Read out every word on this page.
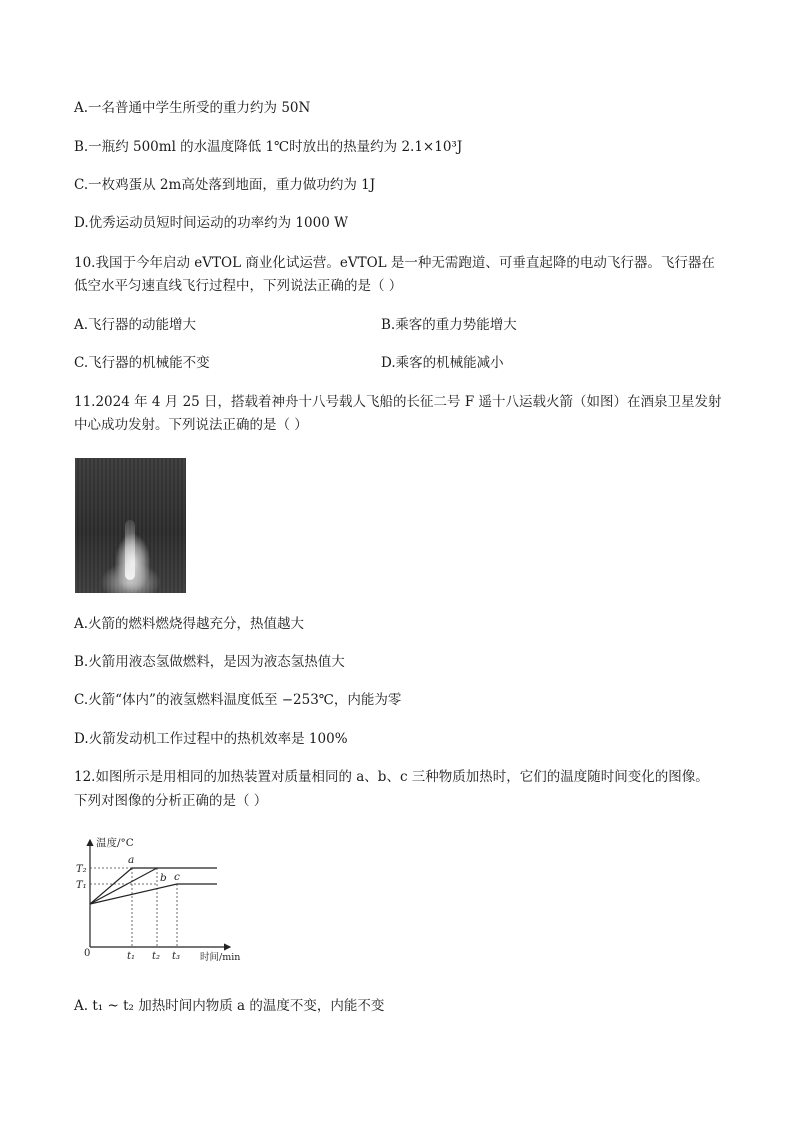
A.一名普通中学生所受的重力约为 50N
B.一瓶约 500ml 的水温度降低 1℃时放出的热量约为 2.1×10³J
C.一枚鸡蛋从 2m高处落到地面，重力做功约为 1J
D.优秀运动员短时间运动的功率约为 1000 W
10.我国于今年启动 eVTOL 商业化试运营。eVTOL 是一种无需跑道、可垂直起降的电动飞行器。飞行器在
低空水平匀速直线飞行过程中，下列说法正确的是（ ）
A.飞行器的动能增大	B.乘客的重力势能增大
C.飞行器的机械能不变	D.乘客的机械能减小
11.2024 年 4 月 25 日，搭载着神舟十八号载人飞船的长征二号 F 遥十八运载火箭（如图）在酒泉卫星发射
中心成功发射。下列说法正确的是（ ）
A.火箭的燃料燃烧得越充分，热值越大
B.火箭用液态氢做燃料，是因为液态氢热值大
C.火箭“体内”的液氢燃料温度低至 −253℃，内能为零
D.火箭发动机工作过程中的热机效率是 100%
12.如图所示是用相同的加热装置对质量相同的 a、b、c 三种物质加热时，它们的温度随时间变化的图像。
下列对图像的分析正确的是（ ）
温度/°C
时间/min
0
T₂
T₁
a
b c
t₁ t₂ t₃
A. t₁ ~ t₂ 加热时间内物质 a 的温度不变，内能不变
